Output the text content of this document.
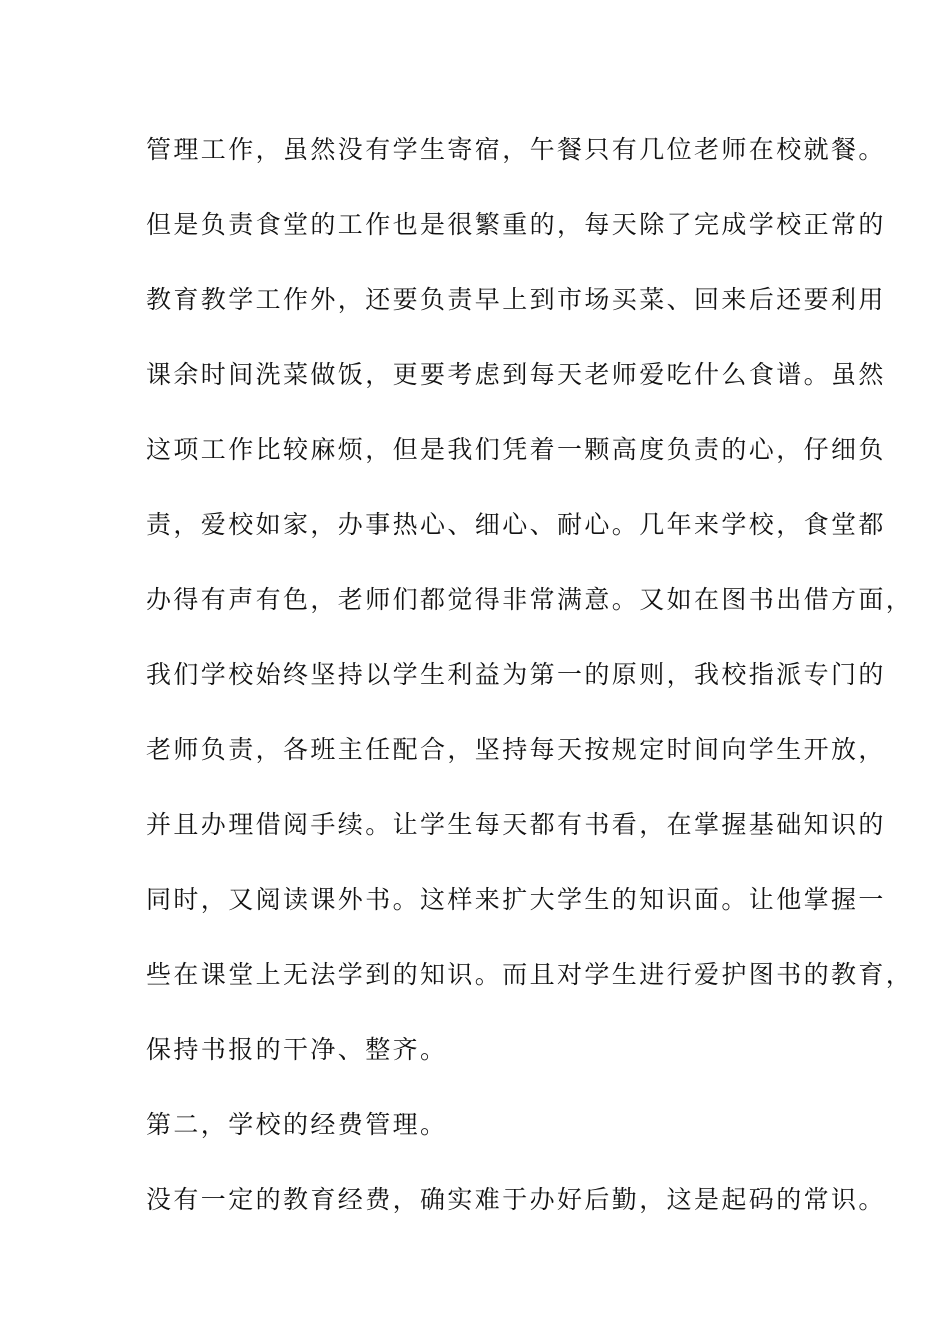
管理工作，虽然没有学生寄宿，午餐只有几位老师在校就餐。
但是负责食堂的工作也是很繁重的，每天除了完成学校正常的
教育教学工作外，还要负责早上到市场买菜、回来后还要利用
课余时间洗菜做饭，更要考虑到每天老师爱吃什么食谱。虽然
这项工作比较麻烦，但是我们凭着一颗高度负责的心，仔细负
责，爱校如家，办事热心、细心、耐心。几年来学校，食堂都
办得有声有色，老师们都觉得非常满意。又如在图书出借方面，
我们学校始终坚持以学生利益为第一的原则，我校指派专门的
老师负责，各班主任配合，坚持每天按规定时间向学生开放，
并且办理借阅手续。让学生每天都有书看，在掌握基础知识的
同时，又阅读课外书。这样来扩大学生的知识面。让他掌握一
些在课堂上无法学到的知识。而且对学生进行爱护图书的教育，
保持书报的干净、整齐。
第二，学校的经费管理。
没有一定的教育经费，确实难于办好后勤，这是起码的常识。
